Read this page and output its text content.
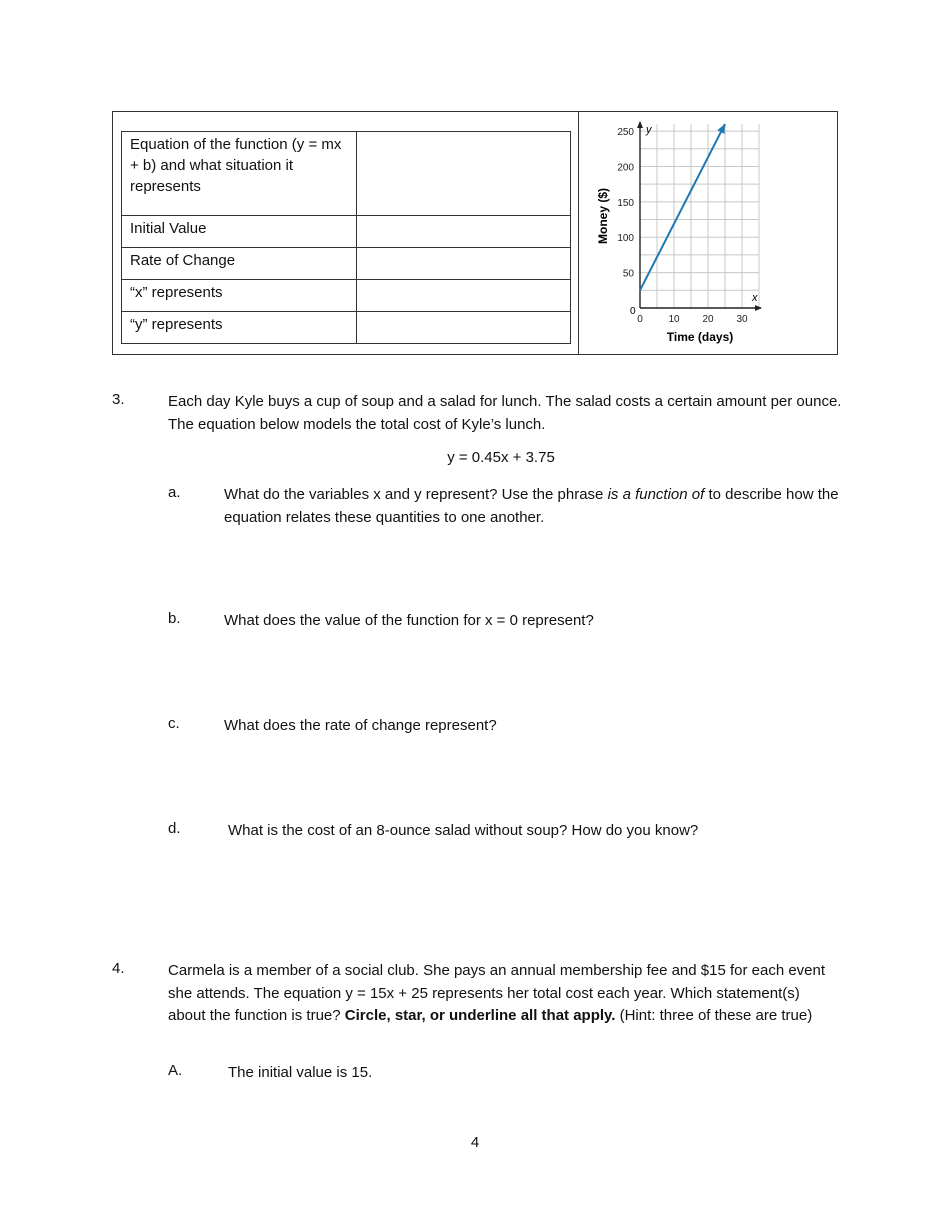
Equation of the function (y = mx + b) and what situation it represents	
Initial Value	
Rate of Change	
“x” represents	
“y” represents		0	10 20 30
50
100
150
200
250
Time (days)
Money ($)
x
y
0
3.	Each day Kyle buys a cup of soup and a salad for lunch. The salad costs a certain amount per ounce. The equation below models the total cost of Kyle’s lunch.
y = 0.45x + 3.75
a.	What do the variables x and y represent? Use the phrase is a function of to describe how the equation relates these quantities to one another.
b.	What does the value of the function for x = 0 represent?
c.	What does the rate of change represent?
d.	What is the cost of an 8-ounce salad without soup? How do you know?
4.	Carmela is a member of a social club. She pays an annual membership fee and $15 for each event she attends. The equation y = 15x + 25 represents her total cost each year. Which statement(s) about the function is true? Circle, star, or underline all that apply. (Hint: three of these are true)
A.	The initial value is 15.
4
